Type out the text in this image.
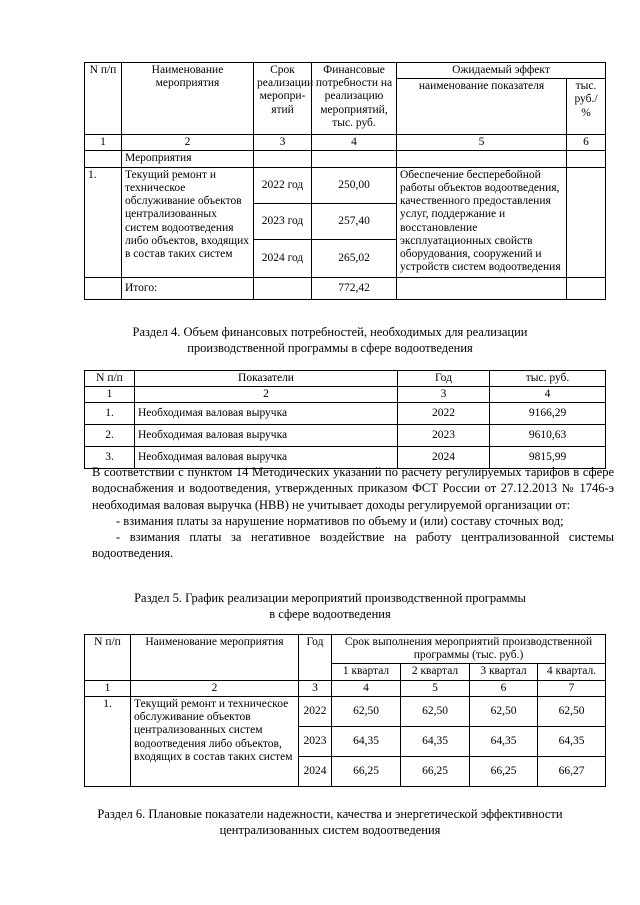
N п/п	Наименование мероприятия	Срок реализации меропри-ятий	Финансовые потребности на реализацию мероприятий, тыс. руб.	Ожидаемый эффект	
				наименование показателя	тыс. руб./ %
1	2	3	4	5	6
	Мероприятия				
1.	Текущий ремонт и техническое обслуживание объектов централизованных систем водоотведения либо объектов, входящих в состав таких систем	2022 год	250,00	Обеспечение бесперебойной работы объектов водоотведения, качественного предоставления услуг, поддержание и восстановление эксплуатационных свойств оборудования, сооружений и устройств систем водоотведения	
		2023 год	257,40		
		2024 год	265,02		
	Итого:		772,42		
Раздел 4. Объем финансовых потребностей, необходимых для реализации
производственной программы в сфере водоотведения
N п/п	Показатели	Год	тыс. руб.
1	2	3	4
1.	Необходимая валовая выручка	2022	9166,29
2.	Необходимая валовая выручка	2023	9610,63
3.	Необходимая валовая выручка	2024	9815,99
В соответствии с пунктом 14 Методических указаний по расчету регулируемых тарифов в сфере водоснабжения и водоотведения, утвержденных приказом ФСТ России от 27.12.2013 № 1746-э необходимая валовая выручка (НВВ) не учитывает доходы регулируемой организации от:
- взимания платы за нарушение нормативов по объему и (или) составу сточных вод;
- взимания платы за негативное воздействие на работу централизованной системы водоотведения.
Раздел 5. График реализации мероприятий производственной программы
в сфере водоотведения
N п/п	Наименование мероприятия	Год	Срок выполнения мероприятий производственной программы (тыс. руб.)			
			1 квартал	2 квартал	3 квартал	4 квартал.
1	2	3	4	5	6	7
1.	Текущий ремонт и техническое обслуживание объектов централизованных систем водоотведения либо объектов, входящих в состав таких систем	2022	62,50	62,50	62,50	62,50
		2023	64,35	64,35	64,35	64,35
		2024	66,25	66,25	66,25	66,27
Раздел 6. Плановые показатели надежности, качества и энергетической эффективности
централизованных систем водоотведения
